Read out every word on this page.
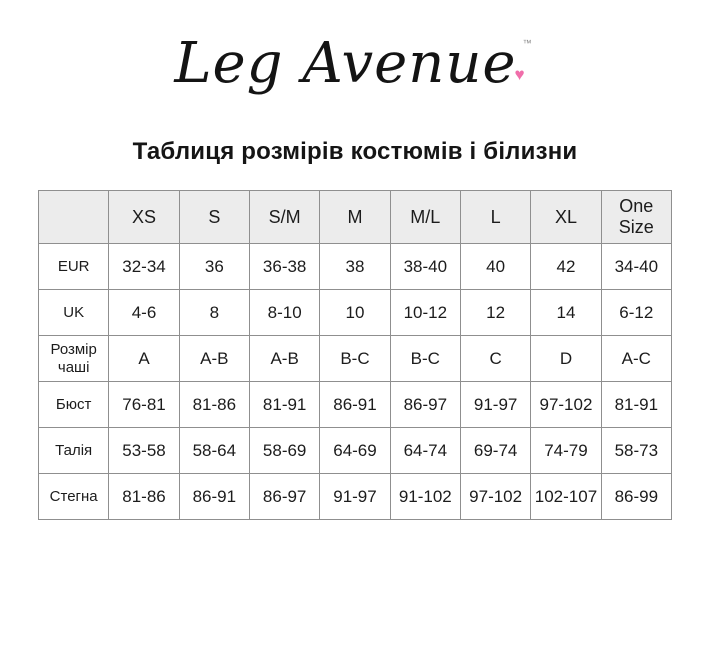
Leg Avenue♥™
Таблиця розмірів костюмів і білизни
	XS	S	S/M	M	M/L	L	XL	One Size
EUR	32-34	36	36-38	38	38-40	40	42	34-40
UK	4-6	8	8-10	10	10-12	12	14	6-12
Розмір чаші	A	A-B	A-B	B-C	B-C	C	D	A-C
Бюст	76-81	81-86	81-91	86-91	86-97	91-97	97-102	81-91
Талія	53-58	58-64	58-69	64-69	64-74	69-74	74-79	58-73
Стегна	81-86	86-91	86-97	91-97	91-102	97-102	102-107	86-99
